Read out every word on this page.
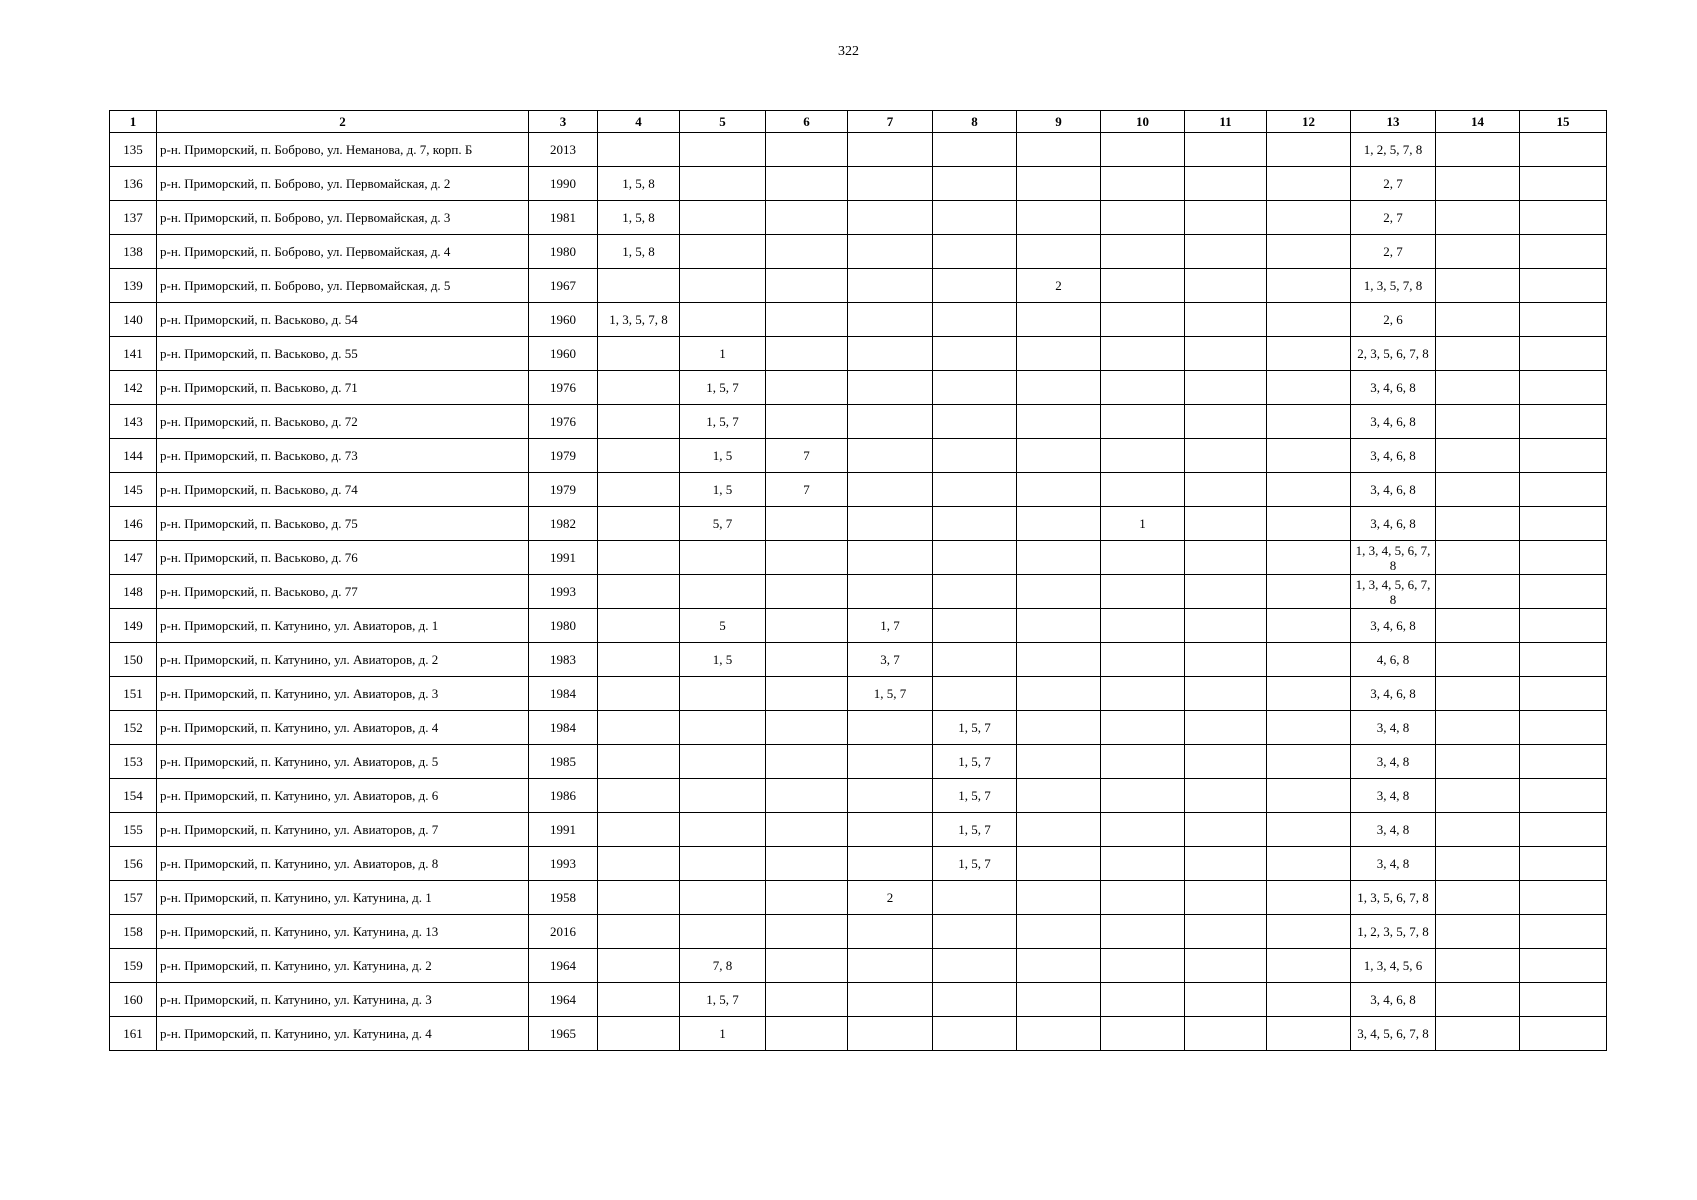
322
1	2	3	4	5	6	7	8	9	10	11	12	13	14	15
135	р-н. Приморский, п. Боброво, ул. Неманова, д. 7, корп. Б	2013										1, 2, 5, 7, 8		
136	р-н. Приморский, п. Боброво, ул. Первомайская, д. 2	1990	1, 5, 8									2, 7		
137	р-н. Приморский, п. Боброво, ул. Первомайская, д. 3	1981	1, 5, 8									2, 7		
138	р-н. Приморский, п. Боброво, ул. Первомайская, д. 4	1980	1, 5, 8									2, 7		
139	р-н. Приморский, п. Боброво, ул. Первомайская, д. 5	1967						2				1, 3, 5, 7, 8		
140	р-н. Приморский, п. Васьково, д. 54	1960	1, 3, 5, 7, 8									2, 6		
141	р-н. Приморский, п. Васьково, д. 55	1960		1								2, 3, 5, 6, 7, 8		
142	р-н. Приморский, п. Васьково, д. 71	1976		1, 5, 7								3, 4, 6, 8		
143	р-н. Приморский, п. Васьково, д. 72	1976		1, 5, 7								3, 4, 6, 8		
144	р-н. Приморский, п. Васьково, д. 73	1979		1, 5	7							3, 4, 6, 8		
145	р-н. Приморский, п. Васьково, д. 74	1979		1, 5	7							3, 4, 6, 8		
146	р-н. Приморский, п. Васьково, д. 75	1982		5, 7					1			3, 4, 6, 8		
147	р-н. Приморский, п. Васьково, д. 76	1991										1, 3, 4, 5, 6, 7, 8		
148	р-н. Приморский, п. Васьково, д. 77	1993										1, 3, 4, 5, 6, 7, 8		
149	р-н. Приморский, п. Катунино, ул. Авиаторов, д. 1	1980		5		1, 7						3, 4, 6, 8		
150	р-н. Приморский, п. Катунино, ул. Авиаторов, д. 2	1983		1, 5		3, 7						4, 6, 8		
151	р-н. Приморский, п. Катунино, ул. Авиаторов, д. 3	1984				1, 5, 7						3, 4, 6, 8		
152	р-н. Приморский, п. Катунино, ул. Авиаторов, д. 4	1984					1, 5, 7					3, 4, 8		
153	р-н. Приморский, п. Катунино, ул. Авиаторов, д. 5	1985					1, 5, 7					3, 4, 8		
154	р-н. Приморский, п. Катунино, ул. Авиаторов, д. 6	1986					1, 5, 7					3, 4, 8		
155	р-н. Приморский, п. Катунино, ул. Авиаторов, д. 7	1991					1, 5, 7					3, 4, 8		
156	р-н. Приморский, п. Катунино, ул. Авиаторов, д. 8	1993					1, 5, 7					3, 4, 8		
157	р-н. Приморский, п. Катунино, ул. Катунина, д. 1	1958				2						1, 3, 5, 6, 7, 8		
158	р-н. Приморский, п. Катунино, ул. Катунина, д. 13	2016										1, 2, 3, 5, 7, 8		
159	р-н. Приморский, п. Катунино, ул. Катунина, д. 2	1964		7, 8								1, 3, 4, 5, 6		
160	р-н. Приморский, п. Катунино, ул. Катунина, д. 3	1964		1, 5, 7								3, 4, 6, 8		
161	р-н. Приморский, п. Катунино, ул. Катунина, д. 4	1965		1								3, 4, 5, 6, 7, 8		
